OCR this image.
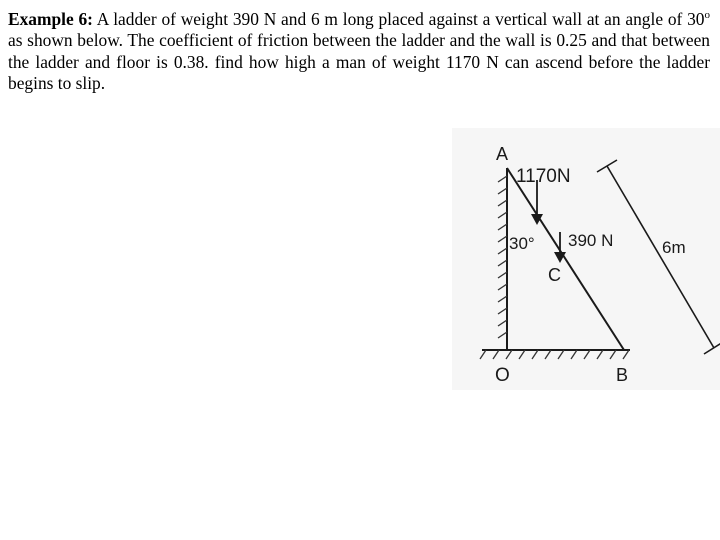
Example 6: A ladder of weight 390 N and 6 m long placed against a vertical wall at an angle of 30$^o$ as shown below. The coefficient of friction between the ladder and the wall is 0.25 and that between the ladder and floor is 0.38. find how high a man of weight 1170 N can ascend before the ladder begins to slip.

A
1170N
30° 390 N
C
6m
O	B
